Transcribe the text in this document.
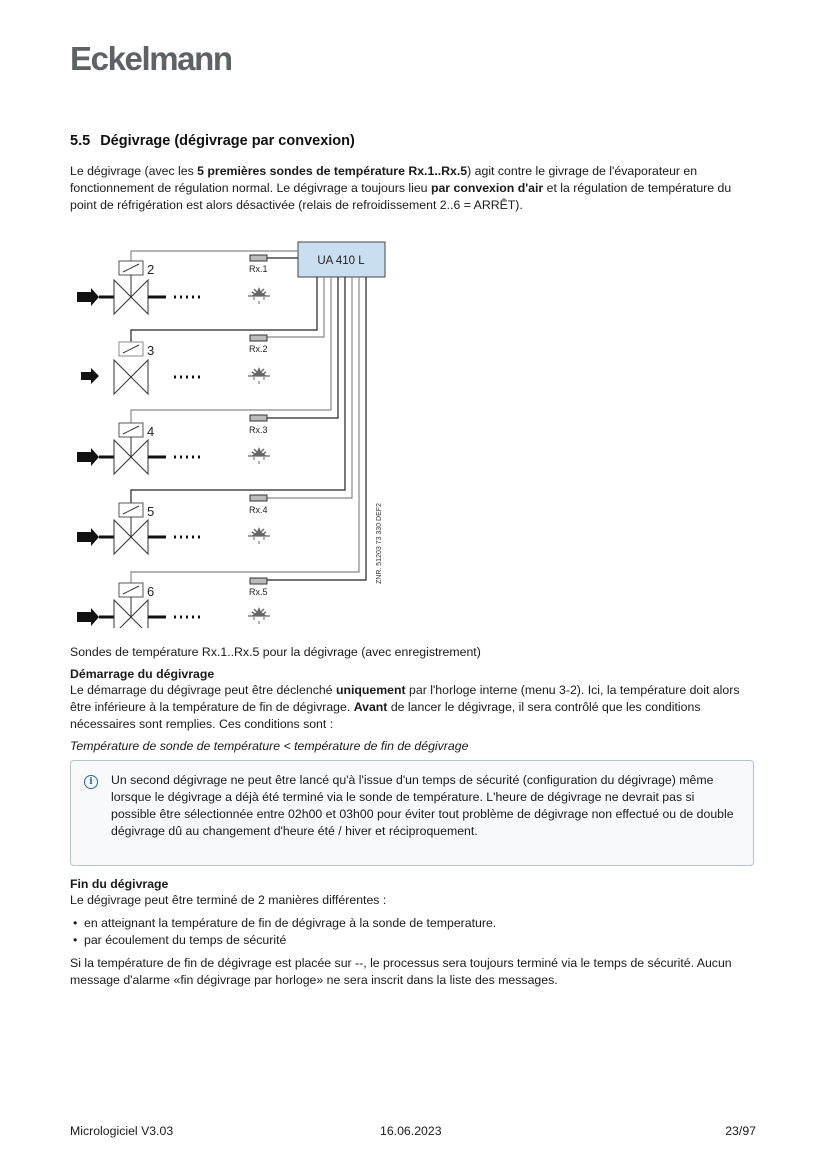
Eckelmann
5.5 Dégivrage (dégivrage par convexion)

Le dégivrage (avec les 5 premières sondes de température Rx.1..Rx.5) agit contre le givrage de l'évaporateur en fonctionnement de régulation normal. Le dégivrage a toujours lieu par convexion d'air et la régulation de température du point de réfrigération est alors désactivée (relais de refroidissement 2..6 = ARRÊT).

Sondes de température Rx.1..Rx.5 pour la dégivrage (avec enregistrement)

Démarrage du dégivrage

Le démarrage du dégivrage peut être déclenché uniquement par l'horloge interne (menu 3-2). Ici, la température doit alors être inférieure à la température de fin de dégivrage. Avant de lancer le dégivrage, il sera contrôlé que les conditions nécessaires sont remplies. Ces conditions sont :

Température de sonde de température < température de fin de dégivrage

Fin du dégivrage

Le dégivrage peut être terminé de 2 manières différentes :

• en atteignant la température de fin de dégivrage à la sonde de temperature.
• par écoulement du temps de sécurité

Si la température de fin de dégivrage est placée sur --, le processus sera toujours terminé via le temps de sécurité. Aucun message d'alarme «fin dégivrage par horloge» ne sera inscrit dans la liste des messages.

i	Un second dégivrage ne peut être lancé qu'à l'issue d'un temps de sécurité (configuration du dégivrage) même lorsque le dégivrage a déjà été terminé via le sonde de température. L'heure de dégivrage ne devrait pas si possible être sélectionnée entre 02h00 et 03h00 pour éviter tout problème de dégivrage non effectué ou de double dégivrage dû au changement d'heure été / hiver et réciproquement.

UA 410 L
ZNR. 51203 73 330 DEF2
2	Rx.1
3	Rx.2
4	Rx.3
5	Rx.4
6	Rx.5
Micrologiciel V3.03	16.06.2023	23/97
